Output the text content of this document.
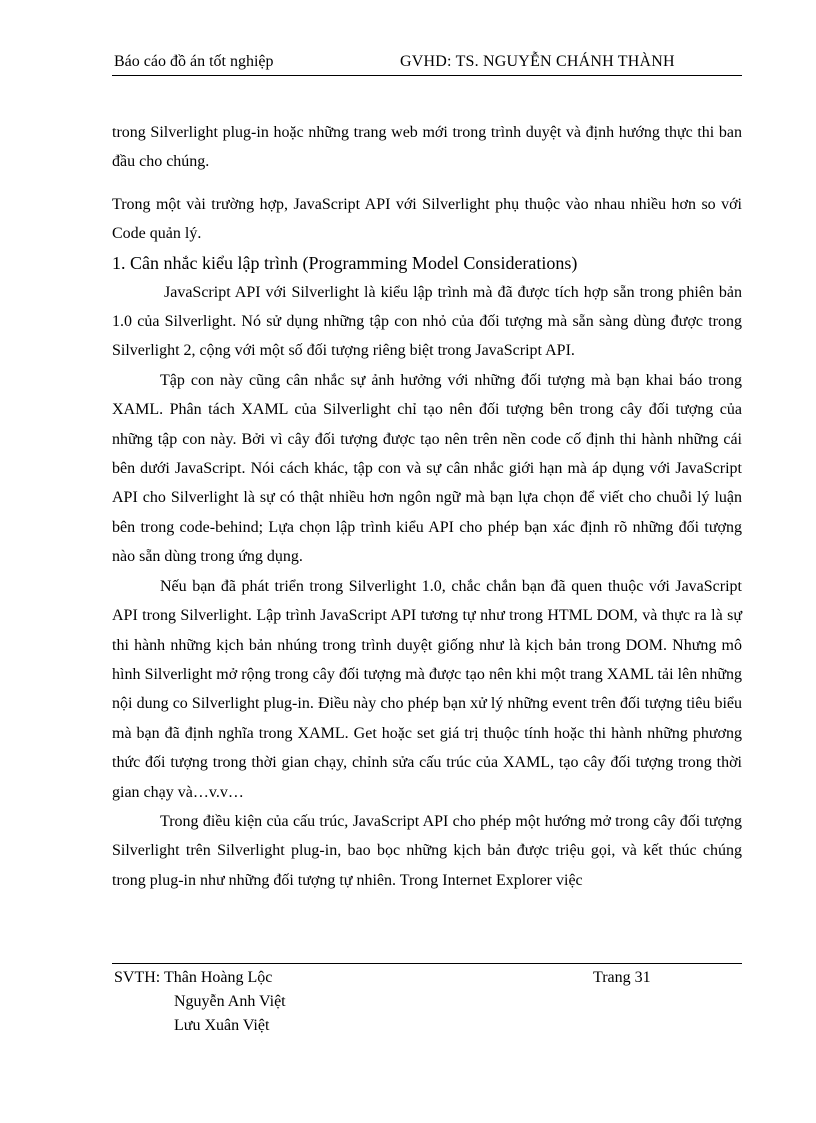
Báo cáo đồ án tốt nghiệp	GVHD: TS. NGUYỄN CHÁNH THÀNH

trong Silverlight plug-in hoặc những trang web mới trong trình duyệt và định hướng thực thi ban đầu cho chúng.

Trong một vài trường hợp, JavaScript API với Silverlight phụ thuộc vào nhau nhiều hơn so với Code quản lý.

1. Cân nhắc kiểu lập trình (Programming Model Considerations)

JavaScript API với Silverlight là kiểu lập trình mà đã được tích hợp sẵn trong phiên bản 1.0 của Silverlight. Nó sử dụng những tập con nhỏ của đối tượng mà sẵn sàng dùng được trong Silverlight 2, cộng với một số đối tượng riêng biệt trong JavaScript API.

Tập con này cũng cân nhắc sự ảnh hưởng với những đối tượng mà bạn khai báo trong XAML. Phân tách XAML của Silverlight chỉ tạo nên đối tượng bên trong cây đối tượng của những tập con này. Bởi vì cây đối tượng được tạo nên trên nền code cố định thi hành những cái bên dưới JavaScript. Nói cách khác, tập con và sự cân nhắc giới hạn mà áp dụng với JavaScript API cho Silverlight là sự có thật nhiều hơn ngôn ngữ mà bạn lựa chọn để viết cho chuỗi lý luận bên trong code-behind; Lựa chọn lập trình kiểu API cho phép bạn xác định rõ những đối tượng nào sẵn dùng trong ứng dụng.

Nếu bạn đã phát triển trong Silverlight 1.0, chắc chắn bạn đã quen thuộc với JavaScript API trong Silverlight. Lập trình JavaScript API tương tự như trong HTML DOM, và thực ra là sự thi hành những kịch bản nhúng trong trình duyệt giống như là kịch bản trong DOM. Nhưng mô hình Silverlight mở rộng trong cây đối tượng mà được tạo nên khi một trang XAML tải lên những nội dung co Silverlight plug-in. Điều này cho phép bạn xử lý những event trên đối tượng tiêu biểu mà bạn đã định nghĩa trong XAML. Get hoặc set giá trị thuộc tính hoặc thi hành những phương thức đối tượng trong thời gian chạy, chỉnh sửa cấu trúc của XAML, tạo cây đối tượng trong thời gian chạy và…v.v…

Trong điều kiện của cấu trúc, JavaScript API cho phép một hướng mở trong cây đối tượng Silverlight trên Silverlight plug-in, bao bọc những kịch bản được triệu gọi, và kết thúc chúng trong plug-in như những đối tượng tự nhiên. Trong Internet Explorer việc

SVTH: Thân Hoàng Lộc
Nguyễn Anh Việt
Lưu Xuân Việt
Trang 31
